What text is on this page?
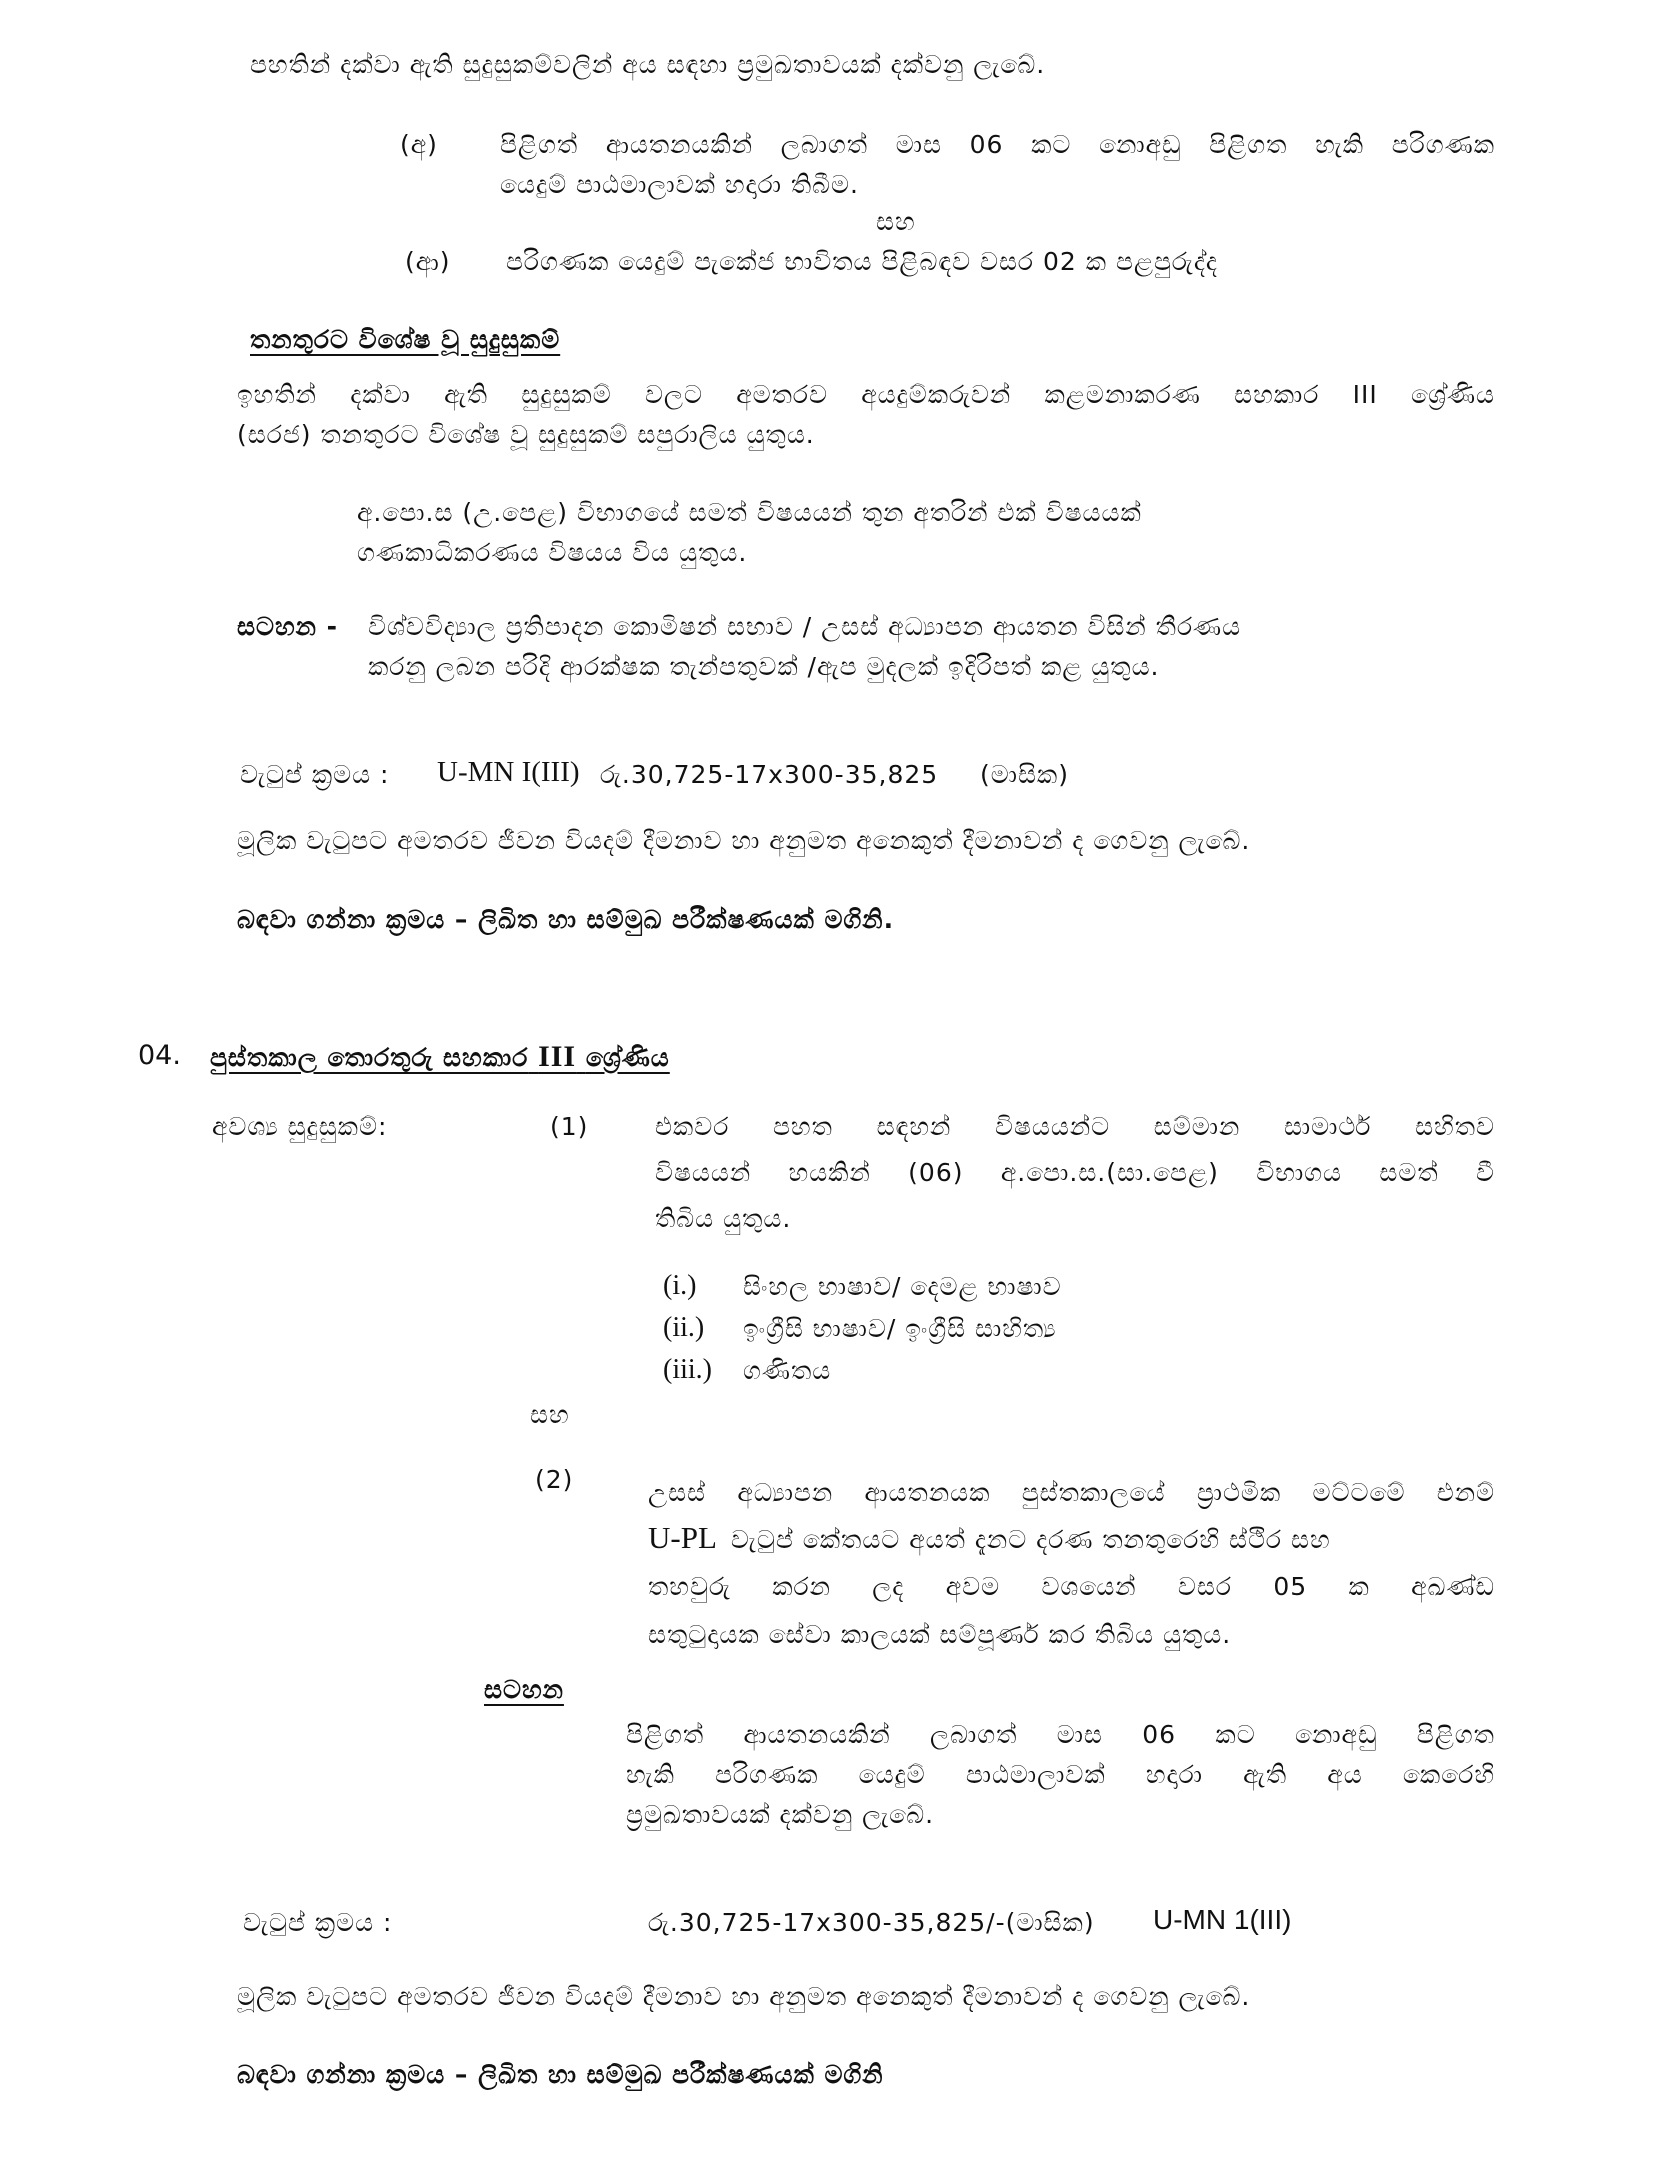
පහතින් දක්වා ඇති සුදුසුකම්වලින් අය සඳහා ප්‍රමුඛතාවයක් දක්වනු ලැබේ.
(අ) පිළිගත් ආයතනයකින් ලබාගත් මාස 06 කට නොඅඩු පිළිගත හැකි පරිගණක
යෙදුම් පාඨමාලාවක් හදාරා තිබීම.
සහ
(ආ) පරිගණක යෙදුම් පැකේජ භාවිතය පිළිබඳව වසර 02 ක පළපුරුද්ද
තනතුරට විශේෂ වූ සුදුසුකම්
ඉහතින් දක්වා ඇති සුදුසුකම් වලට අමතරව අයදුම්කරුවන් කළමනාකරණ සහකාර III ශ්‍රේණිය
(සරජ) තනතුරට විශේෂ වූ සුදුසුකම් සපුරාලිය යුතුය.
අ.පො.ස (උ.පෙළ) විභාගයේ සමත් විෂයයන් තුන අතරින් එක් විෂයයක්
ගණකාධිකරණය විෂයය විය යුතුය.
සටහන - විශ්වවිද්‍යාල ප්‍රතිපාදන කොමිෂන් සභාව / උසස් අධ්‍යාපන ආයතන විසින් තීරණය
කරනු ලබන පරිදි ආරක්ෂක තැන්පතුවක් /ඇප මුදලක් ඉදිරිපත් කළ යුතුය.
වැටුප් ක්‍රමය : U-MN I(III) රු.30,725-17x300-35,825 (මාසික)
මූලික වැටුපට අමතරව ජීවන වියදම් දීමනාව හා අනුමත අනෙකුත් දීමනාවන් ද ගෙවනු ලැබේ.
බඳවා ගන්නා ක්‍රමය – ලිඛිත හා සම්මුඛ පරීක්ෂණයක් මගිනි.
04. පුස්තකාල තොරතුරු සහකාර III ශ්‍රේණිය
අවශ්‍ය සුදුසුකම්:	(1)	එකවර පහත සඳහන් විෂයයන්ට සම්මාන සාමාර්ථ සහිතව
විෂයයන් හයකින් (06) අ.පො.ස.(සා.පෙළ) විභාගය සමත් වී
තිබිය යුතුය.
(i.) සිංහල භාෂාව/ දෙමළ භාෂාව
(ii.) ඉංග්‍රීසි භාෂාව/ ඉංග්‍රීසි සාහිත්‍ය
(iii.) ගණිතය
සහ
(2)	උසස් අධ්‍යාපන ආයතනයක පුස්තකාලයේ ප්‍රාථමික මට්ටමේ එනම්
U-PL වැටුප් කේතයට අයත් දැනට දරණ තනතුරෙහි ස්ථිර සහ
තහවුරු කරන ලද අවම වශයෙන් වසර 05 ක අඛණ්ඩ
සතුටුදායක සේවා කාලයක් සම්පූර්ණ කර තිබිය යුතුය.
සටහන
පිළිගත් ආයතනයකින් ලබාගත් මාස 06 කට නොඅඩු පිළිගත
හැකි පරිගණක යෙදුම් පාඨමාලාවක් හදාරා ඇති අය කෙරෙහි
ප්‍රමුඛතාවයක් දක්වනු ලැබේ.
වැටුප් ක්‍රමය :	රු.30,725-17x300-35,825/-(මාසික) U-MN 1(III)
මූලික වැටුපට අමතරව ජීවන වියදම් දීමනාව හා අනුමත අනෙකුත් දීමනාවන් ද ගෙවනු ලැබේ.
බඳවා ගන්නා ක්‍රමය – ලිඛිත හා සම්මුඛ පරීක්ෂණයක් මගිනි
